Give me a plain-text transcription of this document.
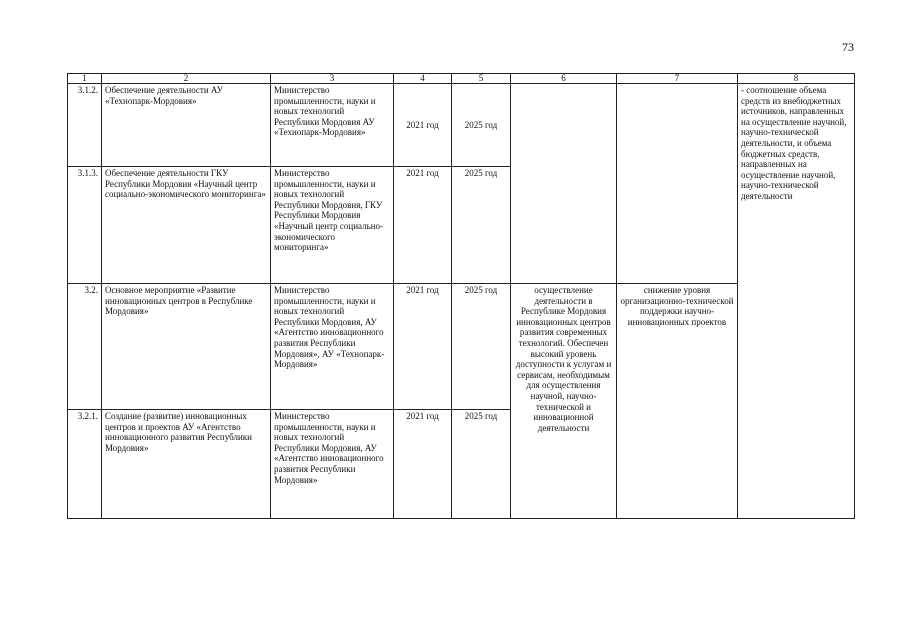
73
1	2	3	4	5	6	7	8
3.1.2.	Обеспечение деятельности АУ «Технопарк-Мордовия»	Министерство промышленности, науки и новых технологий Республики Мордовия АУ «Технопарк-Мордовия»	2021 год	2025 год			- соотношение объема средств из внебюджетных источников, направленных на осуществление научной, научно-технической деятельности, и объема бюджетных средств, направленных на осуществление научной, научно-технической деятельности
3.1.3.	Обеспечение деятельности ГКУ Республики Мордовия «Научный центр социально-экономического мониторинга»	Министерство промышленности, науки и новых технологий Республики Мордовия, ГКУ Республики Мордовия «Научный центр социально-экономического мониторинга»	2021 год	2025 год			
3.2.	Основное мероприятие «Развитие инновационных центров в Республике Мордовия»	Министерство промышленности, науки и новых технологий Республики Мордовия, АУ «Агентство инновационного развития Республики Мордовия», АУ «Технопарк-Мордовия»	2021 год	2025 год	осуществление деятельности в Республике Мордовия инновационных центров развития современных технологий. Обеспечен высокий уровень доступности к услугам и сервисам, необходимым для осуществления научной, научно-технической и инновационной деятельности	снижение уровня организационно-технической поддержки научно-инновационных проектов	
3.2.1.	Создание (развитие) инновационных центров и проектов АУ «Агентство инновационного развития Республики Мордовия»	Министерство промышленности, науки и новых технологий Республики Мордовия, АУ «Агентство инновационного развития Республики Мордовия»	2021 год	2025 год			
